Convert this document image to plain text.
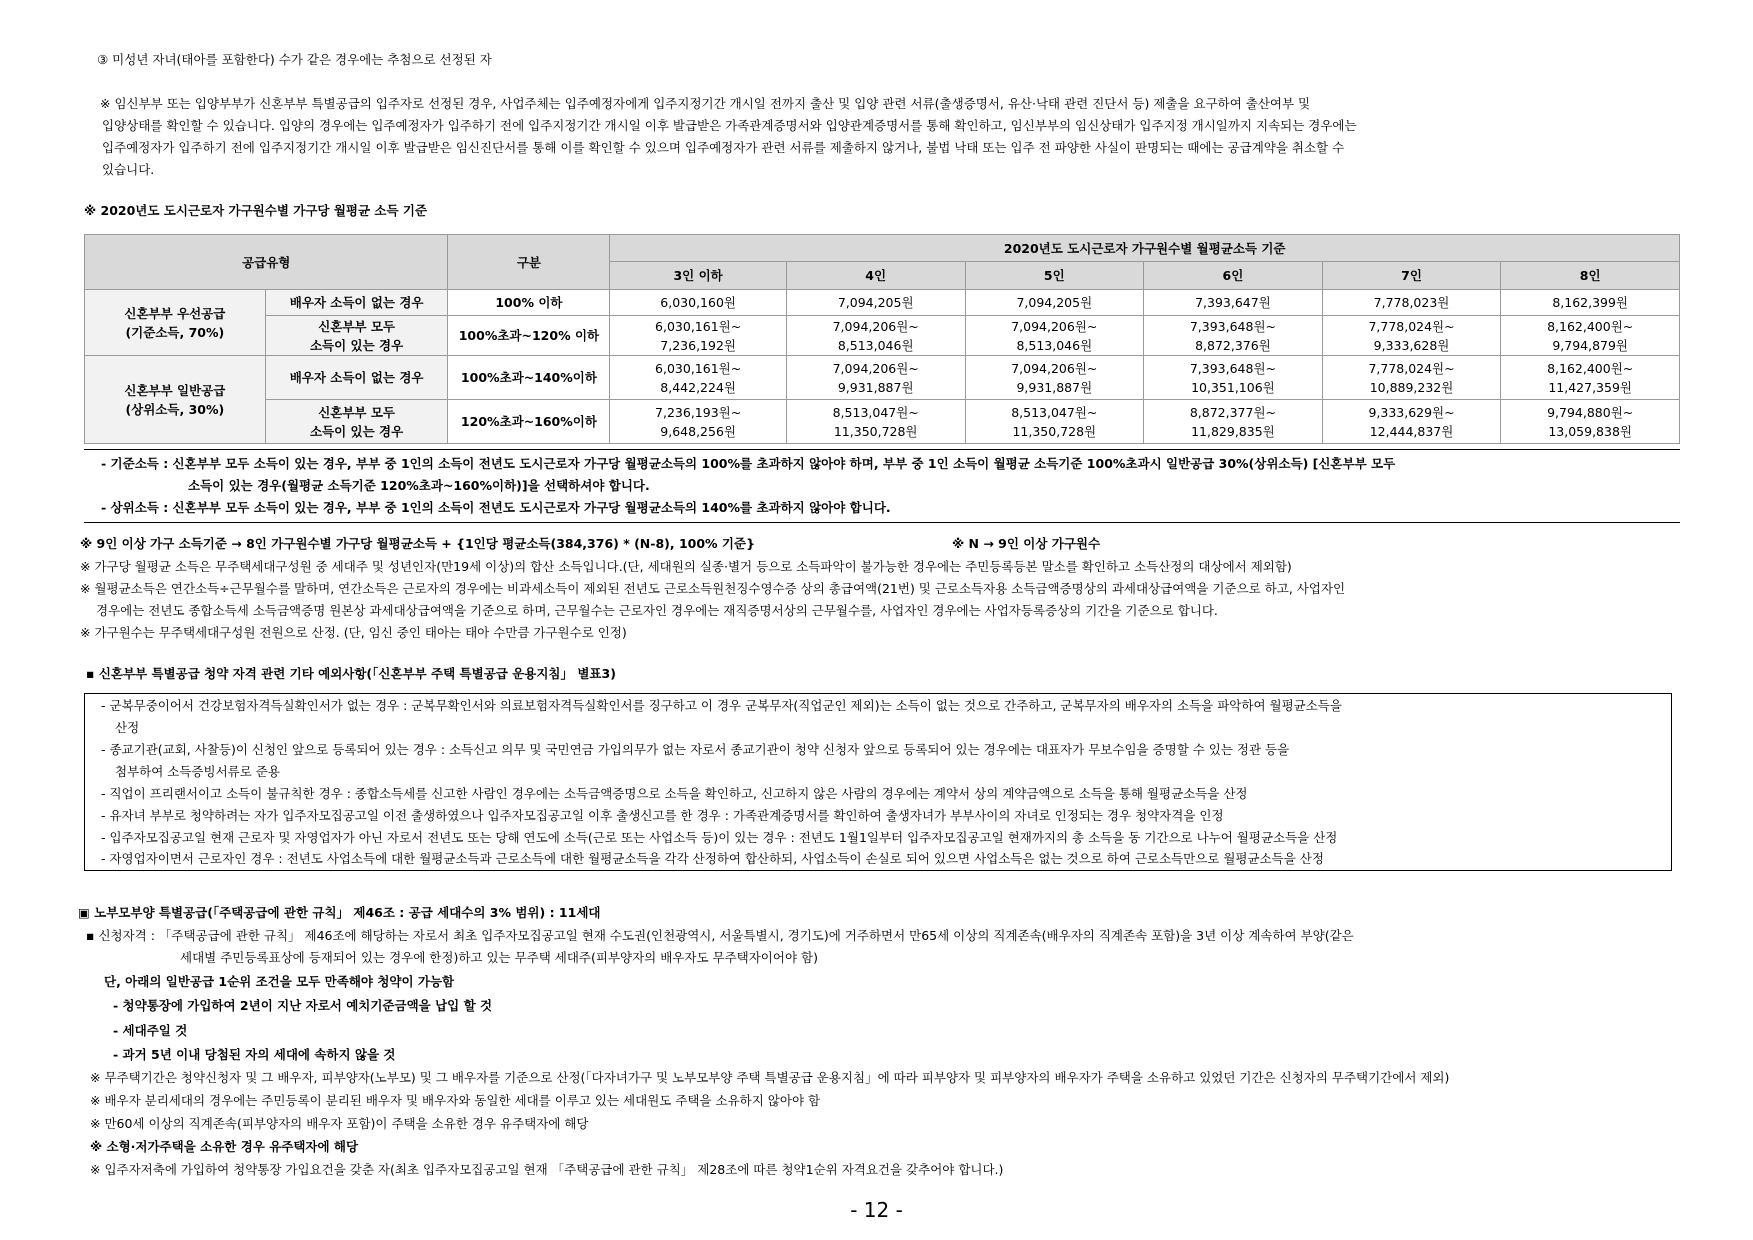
③ 미성년 자녀(태아를 포함한다) 수가 같은 경우에는 추첨으로 선정된 자
※ 임신부부 또는 입양부부가 신혼부부 특별공급의 입주자로 선정된 경우, 사업주체는 입주예정자에게 입주지정기간 개시일 전까지 출산 및 입양 관련 서류(출생증명서, 유산·낙태 관련 진단서 등) 제출을 요구하여 출산여부 및
입양상태를 확인할 수 있습니다. 입양의 경우에는 입주예정자가 입주하기 전에 입주지정기간 개시일 이후 발급받은 가족관계증명서와 입양관계증명서를 통해 확인하고, 임신부부의 임신상태가 입주지정 개시일까지 지속되는 경우에는
입주예정자가 입주하기 전에 입주지정기간 개시일 이후 발급받은 임신진단서를 통해 이를 확인할 수 있으며 입주예정자가 관련 서류를 제출하지 않거나, 불법 낙태 또는 입주 전 파양한 사실이 판명되는 때에는 공급계약을 취소할 수
있습니다.
※ 2020년도 도시근로자 가구원수별 가구당 월평균 소득 기준
공급유형		구분	2020년도 도시근로자 가구원수별 월평균소득 기준					
			3인 이하	4인	5인	6인	7인	8인

신혼부부 우선공급
(기준소득, 70%)	배우자 소득이 없는 경우	100% 이하	6,030,160원	7,094,205원	7,094,205원	7,393,647원	7,778,023원	8,162,399원

	신혼부부 모두
소득이 있는 경우	100%초과~120% 이하	6,030,161원~
7,236,192원	7,094,206원~
8,513,046원	7,094,206원~
8,513,046원	7,393,648원~
8,872,376원	7,778,024원~
9,333,628원	8,162,400원~
9,794,879원

신혼부부 일반공급
(상위소득, 30%)	배우자 소득이 없는 경우	100%초과~140%이하	6,030,161원~
8,442,224원	7,094,206원~
9,931,887원	7,094,206원~
9,931,887원	7,393,648원~
10,351,106원	7,778,024원~
10,889,232원	8,162,400원~
11,427,359원

	신혼부부 모두
소득이 있는 경우	120%초과~160%이하	7,236,193원~
9,648,256원	8,513,047원~
11,350,728원	8,513,047원~
11,350,728원	8,872,377원~
11,829,835원	9,333,629원~
12,444,837원	9,794,880원~
13,059,838원
- 기준소득 : 신혼부부 모두 소득이 있는 경우, 부부 중 1인의 소득이 전년도 도시근로자 가구당 월평균소득의 100%를 초과하지 않아야 하며, 부부 중 1인 소득이 월평균 소득기준 100%초과시 일반공급 30%(상위소득) [신혼부부 모두
소득이 있는 경우(월평균 소득기준 120%초과~160%이하)]을 선택하셔야 합니다.
- 상위소득 : 신혼부부 모두 소득이 있는 경우, 부부 중 1인의 소득이 전년도 도시근로자 가구당 월평균소득의 140%를 초과하지 않아야 합니다.
※ 9인 이상 가구 소득기준 → 8인 가구원수별 가구당 월평균소득 + {1인당 평균소득(384,376) * (N-8), 100% 기준}	※ N → 9인 이상 가구원수
※ 가구당 월평균 소득은 무주택세대구성원 중 세대주 및 성년인자(만19세 이상)의 합산 소득입니다.(단, 세대원의 실종·별거 등으로 소득파악이 불가능한 경우에는 주민등록등본 말소를 확인하고 소득산정의 대상에서 제외함)
※ 월평균소득은 연간소득÷근무월수를 말하며, 연간소득은 근로자의 경우에는 비과세소득이 제외된 전년도 근로소득원천징수영수증 상의 총급여액(21번) 및 근로소득자용 소득금액증명상의 과세대상급여액을 기준으로 하고, 사업자인
경우에는 전년도 종합소득세 소득금액증명 원본상 과세대상급여액을 기준으로 하며, 근무월수는 근로자인 경우에는 재직증명서상의 근무월수를, 사업자인 경우에는 사업자등록증상의 기간을 기준으로 합니다.
※ 가구원수는 무주택세대구성원 전원으로 산정. (단, 임신 중인 태아는 태아 수만큼 가구원수로 인정)
▪ 신혼부부 특별공급 청약 자격 관련 기타 예외사항(「신혼부부 주택 특별공급 운용지침」 별표3)
- 군복무중이어서 건강보험자격득실확인서가 없는 경우 : 군복무확인서와 의료보험자격득실확인서를 징구하고 이 경우 군복무자(직업군인 제외)는 소득이 없는 것으로 간주하고, 군복무자의 배우자의 소득을 파악하여 월평균소득을
산정
- 종교기관(교회, 사찰등)이 신청인 앞으로 등록되어 있는 경우 : 소득신고 의무 및 국민연금 가입의무가 없는 자로서 종교기관이 청약 신청자 앞으로 등록되어 있는 경우에는 대표자가 무보수임을 증명할 수 있는 정관 등을
첨부하여 소득증빙서류로 준용
- 직업이 프리랜서이고 소득이 불규칙한 경우 : 종합소득세를 신고한 사람인 경우에는 소득금액증명으로 소득을 확인하고, 신고하지 않은 사람의 경우에는 계약서 상의 계약금액으로 소득을 통해 월평균소득을 산정
- 유자녀 부부로 청약하려는 자가 입주자모집공고일 이전 출생하였으나 입주자모집공고일 이후 출생신고를 한 경우 : 가족관계증명서를 확인하여 출생자녀가 부부사이의 자녀로 인정되는 경우 청약자격을 인정
- 입주자모집공고일 현재 근로자 및 자영업자가 아닌 자로서 전년도 또는 당해 연도에 소득(근로 또는 사업소득 등)이 있는 경우 : 전년도 1월1일부터 입주자모집공고일 현재까지의 총 소득을 동 기간으로 나누어 월평균소득을 산정
- 자영업자이면서 근로자인 경우 : 전년도 사업소득에 대한 월평균소득과 근로소득에 대한 월평균소득을 각각 산정하여 합산하되, 사업소득이 손실로 되어 있으면 사업소득은 없는 것으로 하여 근로소득만으로 월평균소득을 산정
▣ 노부모부양 특별공급(「주택공급에 관한 규칙」 제46조 : 공급 세대수의 3% 범위) : 11세대
▪ 신청자격 : 「주택공급에 관한 규칙」 제46조에 해당하는 자로서 최초 입주자모집공고일 현재 수도권(인천광역시, 서울특별시, 경기도)에 거주하면서 만65세 이상의 직계존속(배우자의 직계존속 포함)을 3년 이상 계속하여 부양(같은
세대별 주민등록표상에 등재되어 있는 경우에 한정)하고 있는 무주택 세대주(피부양자의 배우자도 무주택자이어야 함)
단, 아래의 일반공급 1순위 조건을 모두 만족해야 청약이 가능함
- 청약통장에 가입하여 2년이 지난 자로서 예치기준금액을 납입 할 것
- 세대주일 것
- 과거 5년 이내 당첨된 자의 세대에 속하지 않을 것
※ 무주택기간은 청약신청자 및 그 배우자, 피부양자(노부모) 및 그 배우자를 기준으로 산정(「다자녀가구 및 노부모부양 주택 특별공급 운용지침」에 따라 피부양자 및 피부양자의 배우자가 주택을 소유하고 있었던 기간은 신청자의 무주택기간에서 제외)
※ 배우자 분리세대의 경우에는 주민등록이 분리된 배우자 및 배우자와 동일한 세대를 이루고 있는 세대원도 주택을 소유하지 않아야 함
※ 만60세 이상의 직계존속(피부양자의 배우자 포함)이 주택을 소유한 경우 유주택자에 해당
※ 소형·저가주택을 소유한 경우 유주택자에 해당
※ 입주자저축에 가입하여 청약통장 가입요건을 갖춘 자(최초 입주자모집공고일 현재 「주택공급에 관한 규칙」 제28조에 따른 청약1순위 자격요건을 갖추어야 합니다.)
- 12 -
